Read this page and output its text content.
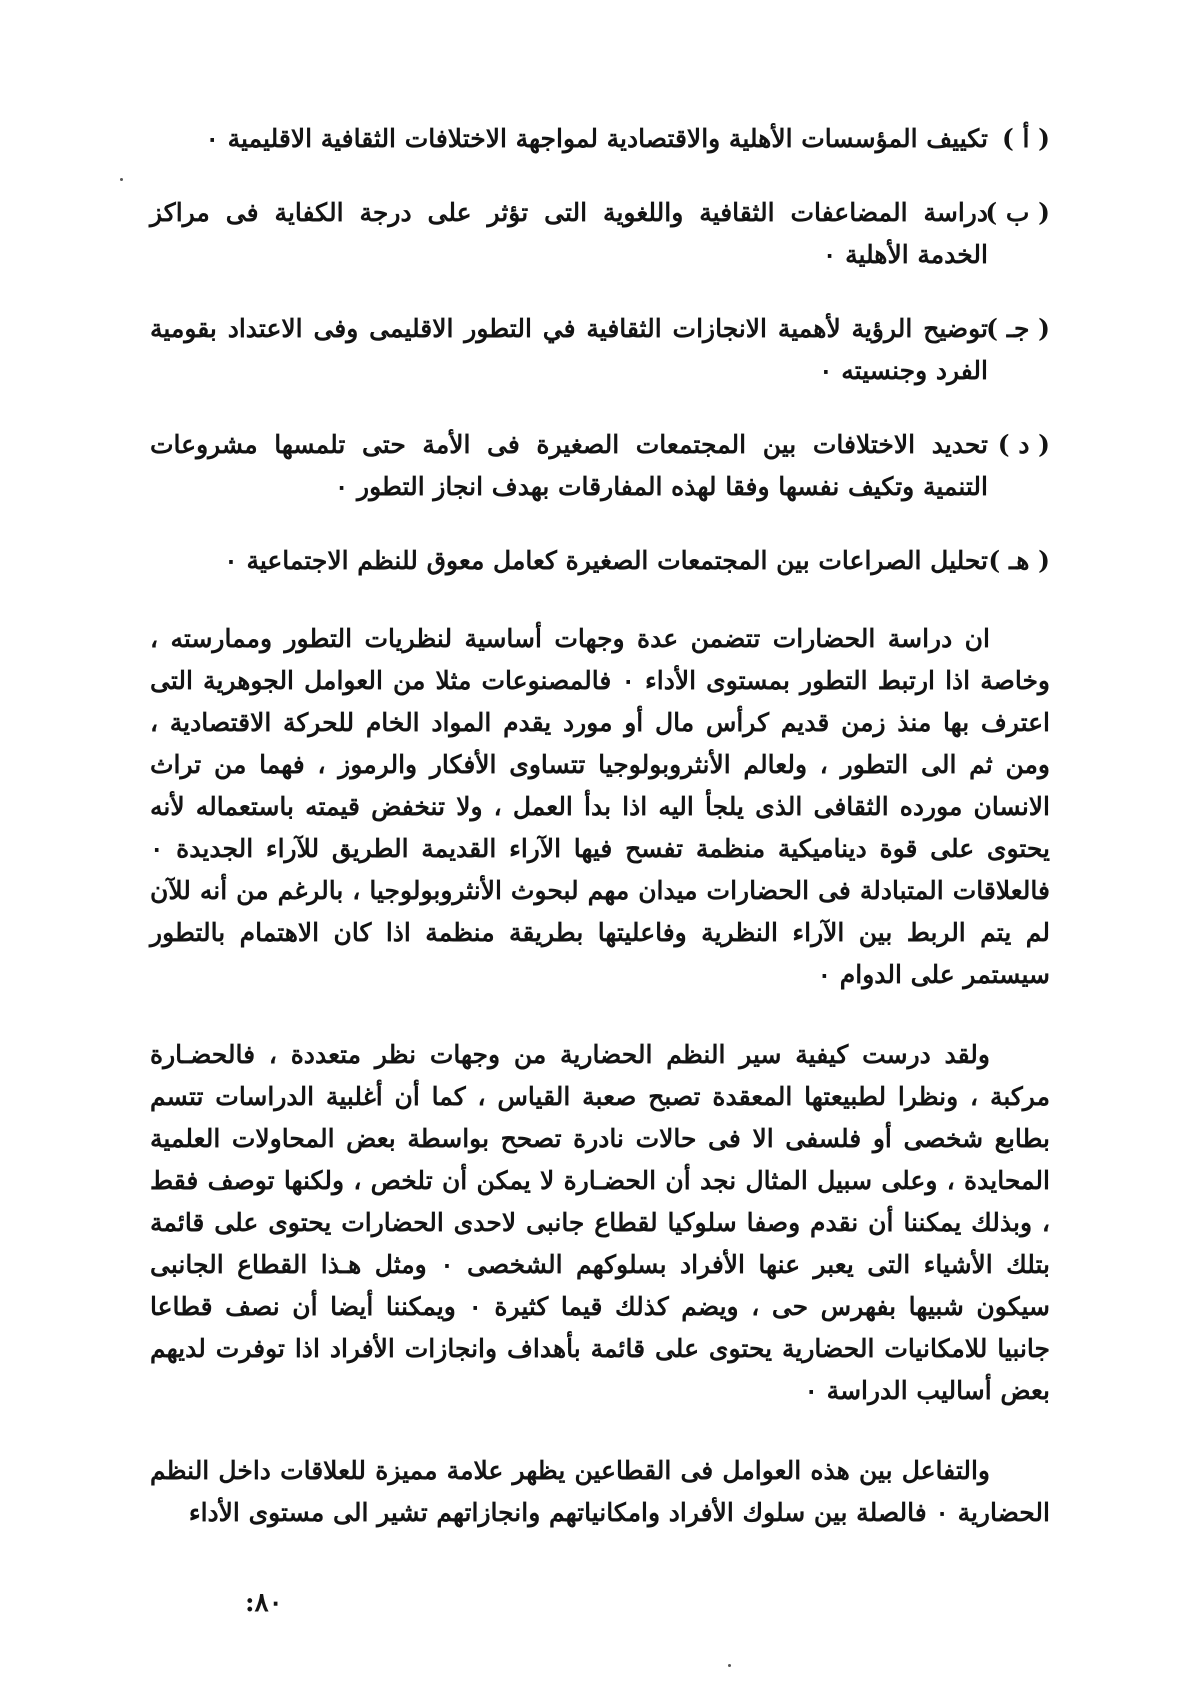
( أ )
تكييف المؤسسات الأهلية والاقتصادية لمواجهة الاختلافات الثقافية الاقليمية ٠
( ب )
دراسة المضاعفات الثقافية واللغوية التى تؤثر على درجة الكفاية فى مراكز الخدمة الأهلية ٠
( جـ )
توضيح الرؤية لأهمية الانجازات الثقافية في التطور الاقليمى وفى الاعتداد بقومية الفرد وجنسيته ٠
( د )
تحديد الاختلافات بين المجتمعات الصغيرة فى الأمة حتى تلمسها مشروعات التنمية وتكيف نفسها وفقا لهذه المفارقات بهدف انجاز التطور ٠
( هـ )
تحليل الصراعات بين المجتمعات الصغيرة كعامل معوق للنظم الاجتماعية ٠

ان دراسة الحضارات تتضمن عدة وجهات أساسية لنظريات التطور وممارسته ، وخاصة اذا ارتبط التطور بمستوى الأداء ٠ فالمصنوعات مثلا من العوامل الجوهرية التى اعترف بها منذ زمن قديم كرأس مال أو مورد يقدم المواد الخام للحركة الاقتصادية ، ومن ثم الى التطور ، ولعالم الأنثروبولوجيا تتساوى الأفكار والرموز ، فهما من تراث الانسان مورده الثقافى الذى يلجأ اليه اذا بدأ العمل ، ولا تنخفض قيمته باستعماله لأنه يحتوى على قوة ديناميكية منظمة تفسح فيها الآراء القديمة الطريق للآراء الجديدة ٠ فالعلاقات المتبادلة فى الحضارات ميدان مهم لبحوث الأنثروبولوجيا ، بالرغم من أنه للآن لم يتم الربط بين الآراء النظرية وفاعليتها بطريقة منظمة اذا كان الاهتمام بالتطور سيستمر على الدوام ٠

ولقد درست كيفية سير النظم الحضارية من وجهات نظر متعددة ، فالحضـارة مركبة ، ونظرا لطبيعتها المعقدة تصبح صعبة القياس ، كما أن أغلبية الدراسات تتسم بطابع شخصى أو فلسفى الا فى حالات نادرة تصحح بواسطة بعض المحاولات العلمية المحايدة ، وعلى سبيل المثال نجد أن الحضـارة لا يمكن أن تلخص ، ولكنها توصف فقط ، وبذلك يمكننا أن نقدم وصفا سلوكيا لقطاع جانبى لاحدى الحضارات يحتوى على قائمة بتلك الأشياء التى يعبر عنها الأفراد بسلوكهم الشخصى ٠ ومثل هـذا القطاع الجانبى سيكون شبيها بفهرس حى ، ويضم كذلك قيما كثيرة ٠ ويمكننا أيضا أن نصف قطاعا جانبيا للامكانيات الحضارية يحتوى على قائمة بأهداف وانجازات الأفراد اذا توفرت لديهم بعض أساليب الدراسة ٠

والتفاعل بين هذه العوامل فى القطاعين يظهر علامة مميزة للعلاقات داخل النظم الحضارية ٠ فالصلة بين سلوك الأفراد وامكانياتهم وانجازاتهم تشير الى مستوى الأداء

٨٠:
